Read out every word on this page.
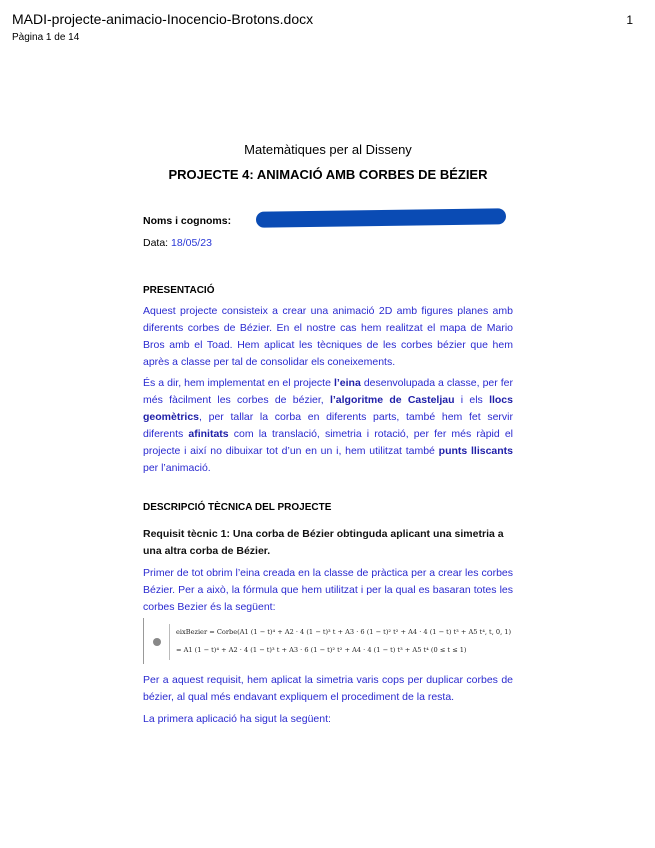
MADI-projecte-animacio-Inocencio-Brotons.docx
Pàgina 1 de 14
1
Matemàtiques per al Disseny
PROJECTE 4: ANIMACIÓ AMB CORBES DE BÉZIER
Noms i cognoms:
Data: 18/05/23
PRESENTACIÓ
Aquest projecte consisteix a crear una animació 2D amb figures planes amb diferents corbes de Bézier. En el nostre cas hem realitzat el mapa de Mario Bros amb el Toad. Hem aplicat les tècniques de les corbes bézier que hem après a classe per tal de consolidar els coneixements.
És a dir, hem implementat en el projecte l’eina desenvolupada a classe, per fer més fàcilment les corbes de bézier, l’algoritme de Casteljau i els llocs geomètrics, per tallar la corba en diferents parts, també hem fet servir diferents afinitats com la translació, simetria i rotació, per fer més ràpid el projecte i així no dibuixar tot d’un en un i, hem utilitzat també punts lliscants per l’animació.
DESCRIPCIÓ TÈCNICA DEL PROJECTE
Requisit tècnic 1: Una corba de Bézier obtinguda aplicant una simetria a una altra corba de Bézier.
Primer de tot obrim l’eina creada en la classe de pràctica per a crear les corbes Bézier. Per a això, la fórmula que hem utilitzat i per la qual es basaran totes les corbes Bezier és la següent:
eixBezier = Corbe(A1 (1 − t)⁴ + A2 · 4 (1 − t)³ t + A3 · 6 (1 − t)² t² + A4 · 4 (1 − t) t³ + A5 t⁴, t, 0, 1)
= A1 (1 − t)⁴ + A2 · 4 (1 − t)³ t + A3 · 6 (1 − t)² t² + A4 · 4 (1 − t) t³ + A5 t⁴ (0 ≤ t ≤ 1)
Per a aquest requisit, hem aplicat la simetria varis cops per duplicar corbes de bézier, al qual més endavant expliquem el procediment de la resta.
La primera aplicació ha sigut la següent:
